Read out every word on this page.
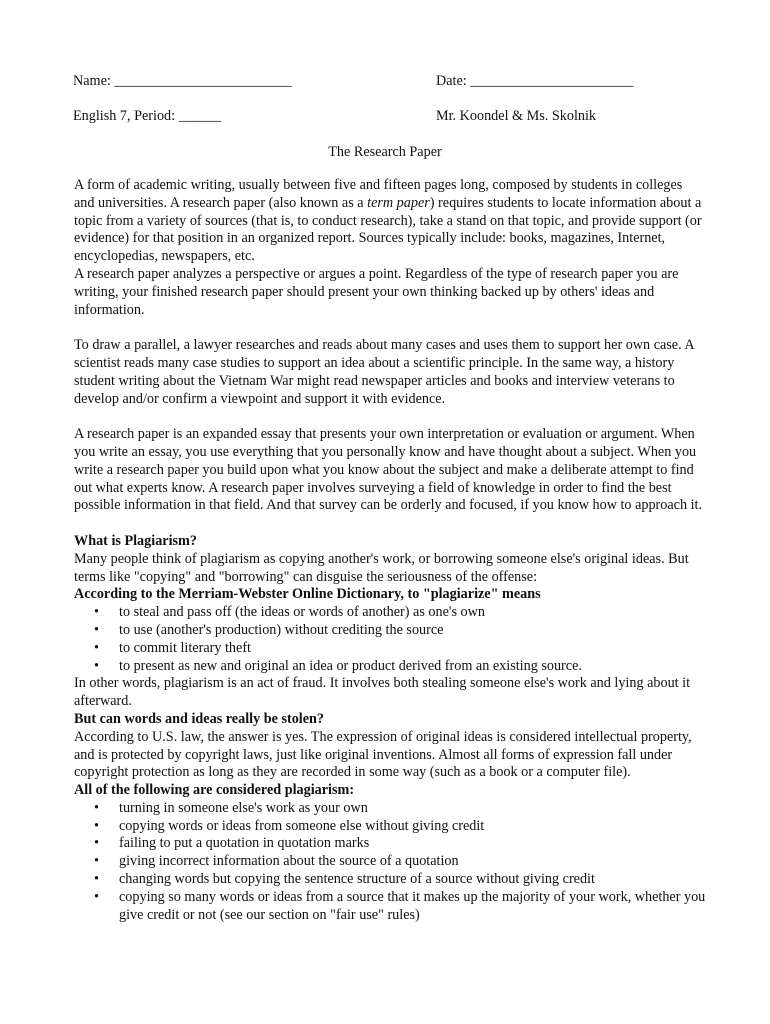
Name: _________________________	Date: _______________________
English 7, Period: ______	Mr. Koondel & Ms. Skolnik
The Research Paper

A form of academic writing, usually between five and fifteen pages long, composed by students in colleges and universities. A research paper (also known as a term paper) requires students to locate information about a topic from a variety of sources (that is, to conduct research), take a stand on that topic, and provide support (or evidence) for that position in an organized report. Sources typically include: books, magazines, Internet, encyclopedias, newspapers, etc.

A research paper analyzes a perspective or argues a point. Regardless of the type of research paper you are writing, your finished research paper should present your own thinking backed up by others' ideas and information.

To draw a parallel, a lawyer researches and reads about many cases and uses them to support her own case. A scientist reads many case studies to support an idea about a scientific principle. In the same way, a history student writing about the Vietnam War might read newspaper articles and books and interview veterans to develop and/or confirm a viewpoint and support it with evidence.

A research paper is an expanded essay that presents your own interpretation or evaluation or argument. When you write an essay, you use everything that you personally know and have thought about a subject. When you write a research paper you build upon what you know about the subject and make a deliberate attempt to find out what experts know. A research paper involves surveying a field of knowledge in order to find the best possible information in that field. And that survey can be orderly and focused, if you know how to approach it.

What is Plagiarism?

Many people think of plagiarism as copying another's work, or borrowing someone else's original ideas. But terms like "copying" and "borrowing" can disguise the seriousness of the offense:

According to the Merriam-Webster Online Dictionary, to "plagiarize" means

• to steal and pass off (the ideas or words of another) as one's own
• to use (another's production) without crediting the source
• to commit literary theft
• to present as new and original an idea or product derived from an existing source.

In other words, plagiarism is an act of fraud. It involves both stealing someone else's work and lying about it afterward.

But can words and ideas really be stolen?

According to U.S. law, the answer is yes. The expression of original ideas is considered intellectual property, and is protected by copyright laws, just like original inventions. Almost all forms of expression fall under copyright protection as long as they are recorded in some way (such as a book or a computer file).

All of the following are considered plagiarism:

• turning in someone else's work as your own
• copying words or ideas from someone else without giving credit
• failing to put a quotation in quotation marks
• giving incorrect information about the source of a quotation
• changing words but copying the sentence structure of a source without giving credit
• copying so many words or ideas from a source that it makes up the majority of your work, whether you give credit or not (see our section on "fair use" rules)
